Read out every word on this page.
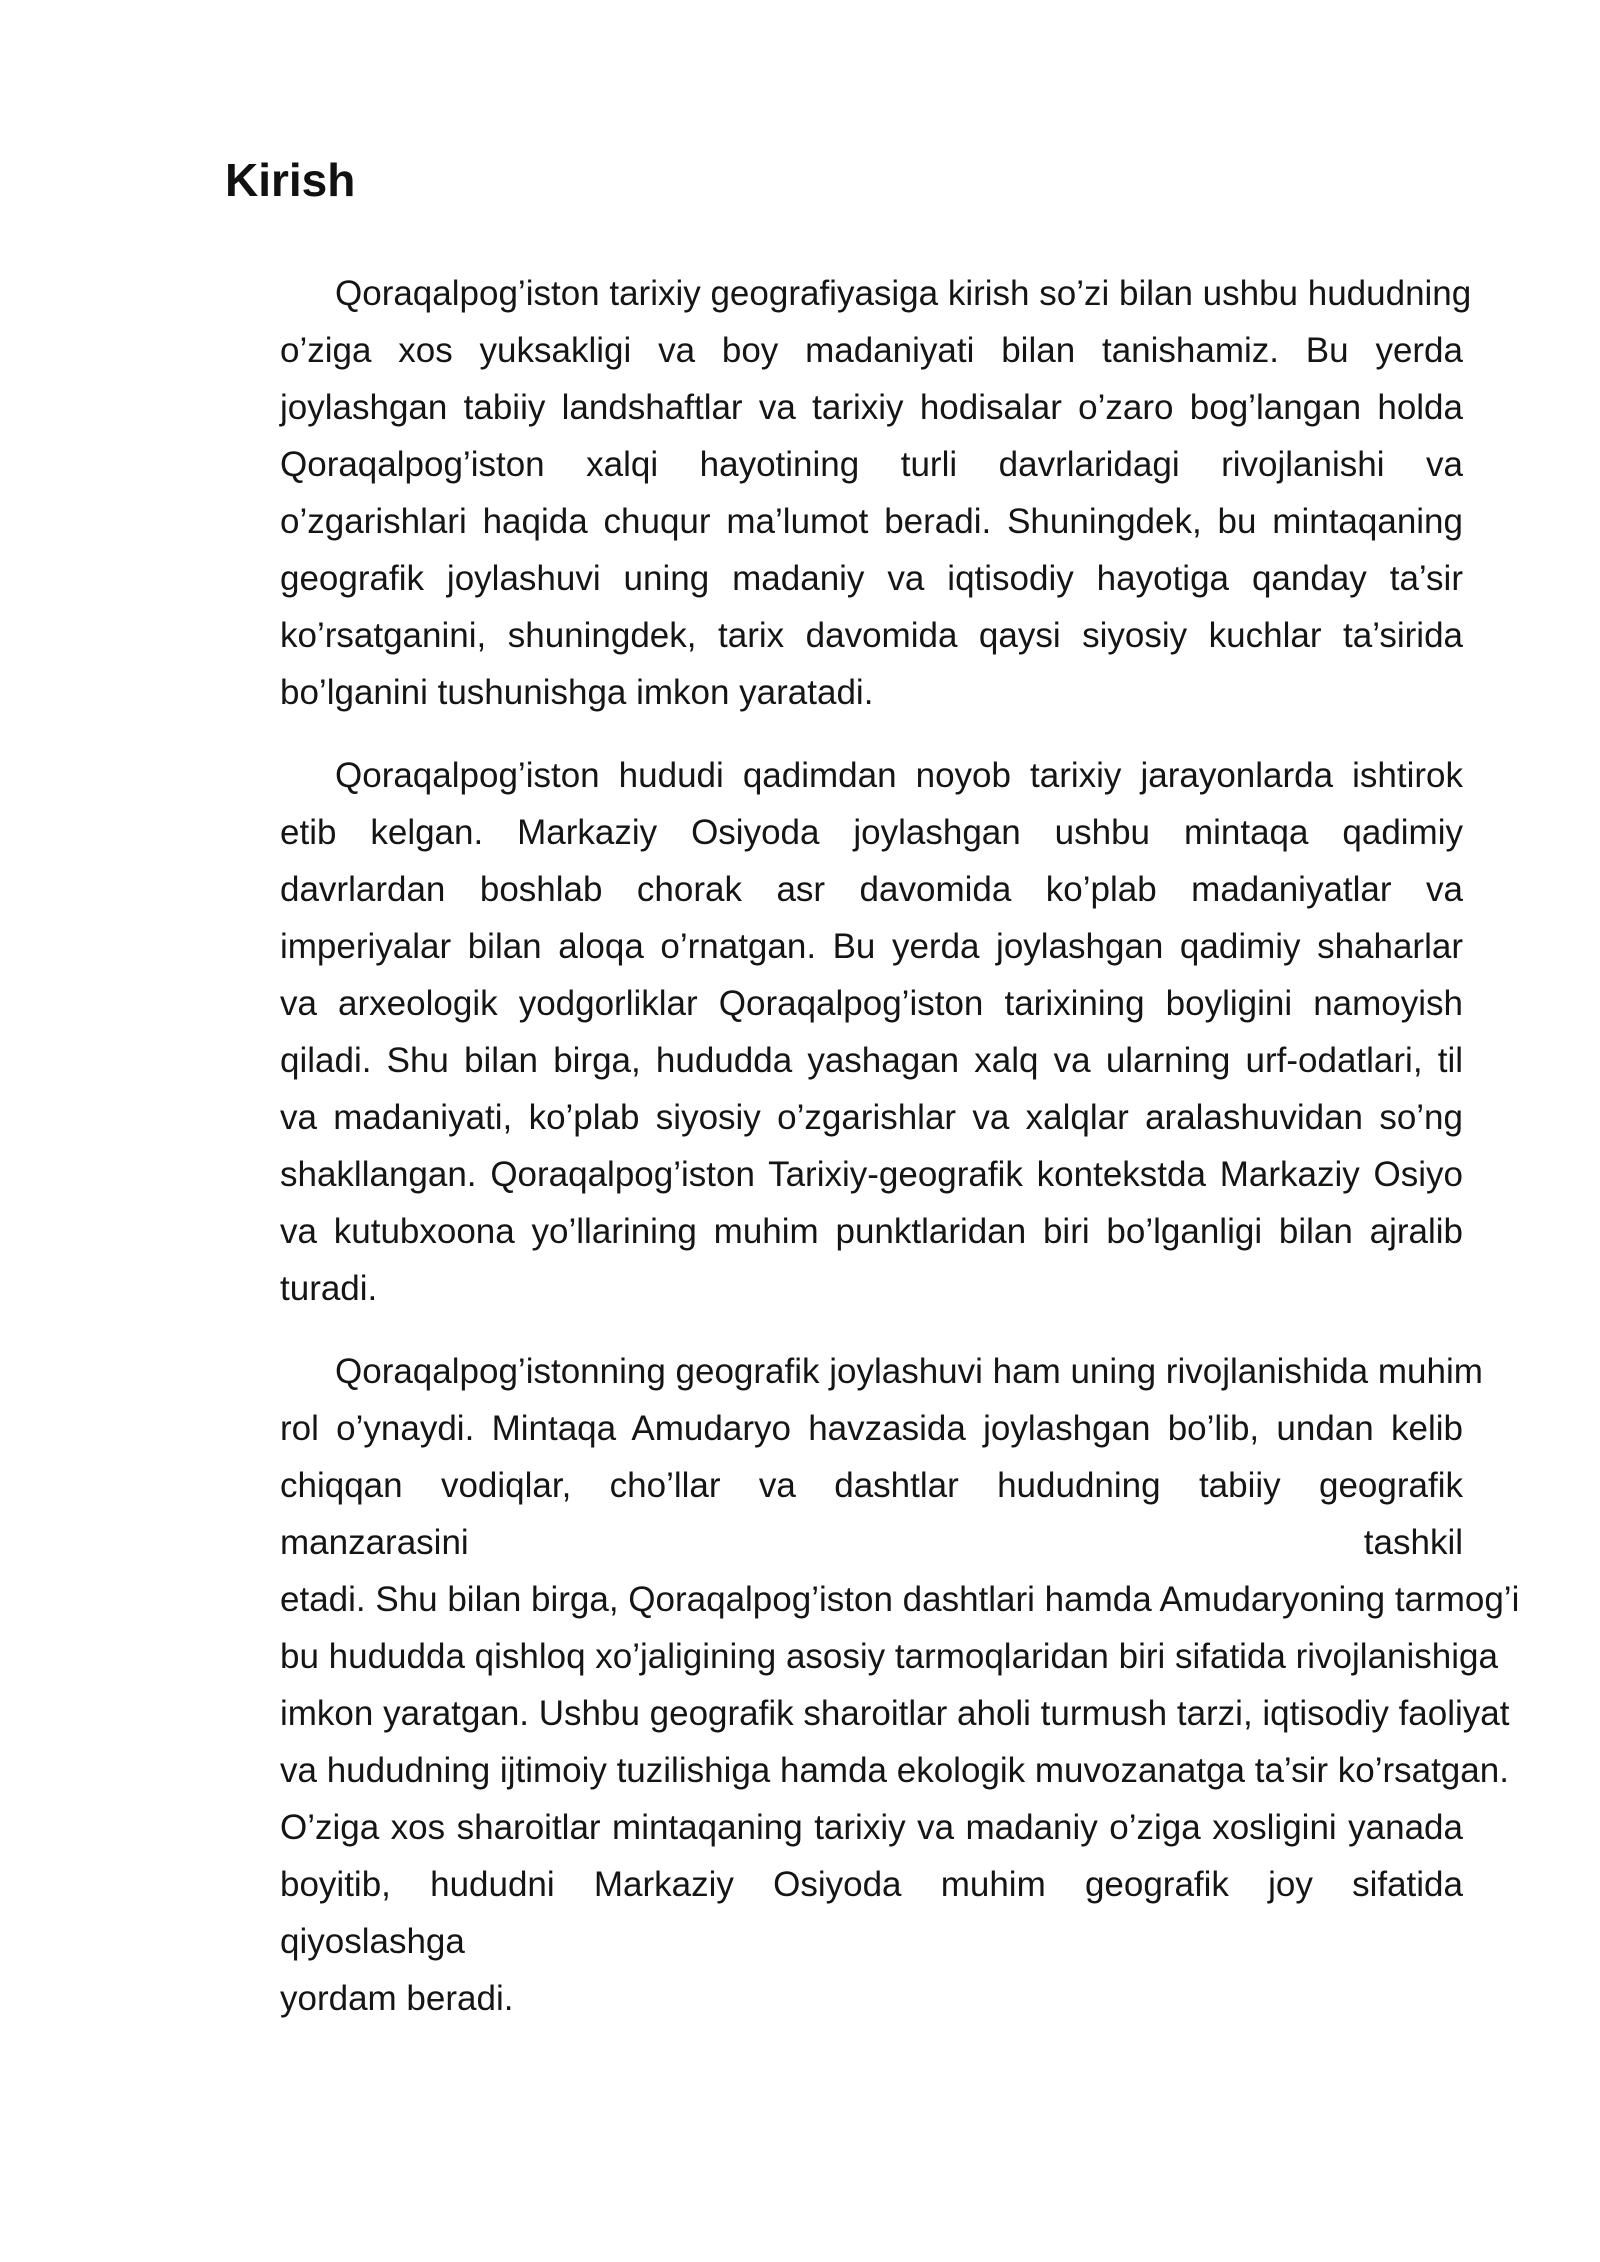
Kirish
Qoraqalpog’iston tarixiy geografiyasiga kirish so’zi bilan ushbu hududning
o’ziga xos yuksakligi va boy madaniyati bilan tanishamiz. Bu yerda
joylashgan tabiiy landshaftlar va tarixiy hodisalar o’zaro bog’langan holda
Qoraqalpog’iston xalqi hayotining turli davrlaridagi rivojlanishi va
o’zgarishlari haqida chuqur ma’lumot beradi. Shuningdek, bu mintaqaning
geografik joylashuvi uning madaniy va iqtisodiy hayotiga qanday ta’sir
ko’rsatganini, shuningdek, tarix davomida qaysi siyosiy kuchlar ta’sirida
bo’lganini tushunishga imkon yaratadi.
Qoraqalpog’iston hududi qadimdan noyob tarixiy jarayonlarda ishtirok
etib kelgan. Markaziy Osiyoda joylashgan ushbu mintaqa qadimiy
davrlardan boshlab chorak asr davomida ko’plab madaniyatlar va
imperiyalar bilan aloqa o’rnatgan. Bu yerda joylashgan qadimiy shaharlar
va arxeologik yodgorliklar Qoraqalpog’iston tarixining boyligini namoyish
qiladi. Shu bilan birga, hududda yashagan xalq va ularning urf-odatlari, til
va madaniyati, ko’plab siyosiy o’zgarishlar va xalqlar aralashuvidan so’ng
shakllangan. Qoraqalpog’iston Tarixiy-geografik kontekstda Markaziy Osiyo
va kutubxoona yo’llarining muhim punktlaridan biri bo’lganligi bilan ajralib
turadi.
Qoraqalpog’istonning geografik joylashuvi ham uning rivojlanishida muhim
rol o’ynaydi. Mintaqa Amudaryo havzasida joylashgan bo’lib, undan kelib
chiqqan vodiqlar, cho’llar va dashtlar hududning tabiiy geografik
manzarasini tashkil
etadi. Shu bilan birga, Qoraqalpog’iston dashtlari hamda Amudaryoning tarmog’i
bu hududda qishloq xo’jaligining asosiy tarmoqlaridan biri sifatida rivojlanishiga
imkon yaratgan. Ushbu geografik sharoitlar aholi turmush tarzi, iqtisodiy faoliyat
va hududning ijtimoiy tuzilishiga hamda ekologik muvozanatga ta’sir ko’rsatgan.
O’ziga xos sharoitlar mintaqaning tarixiy va madaniy o’ziga xosligini yanada
boyitib, hududni Markaziy Osiyoda muhim geografik joy sifatida
qiyoslashga
yordam beradi.
